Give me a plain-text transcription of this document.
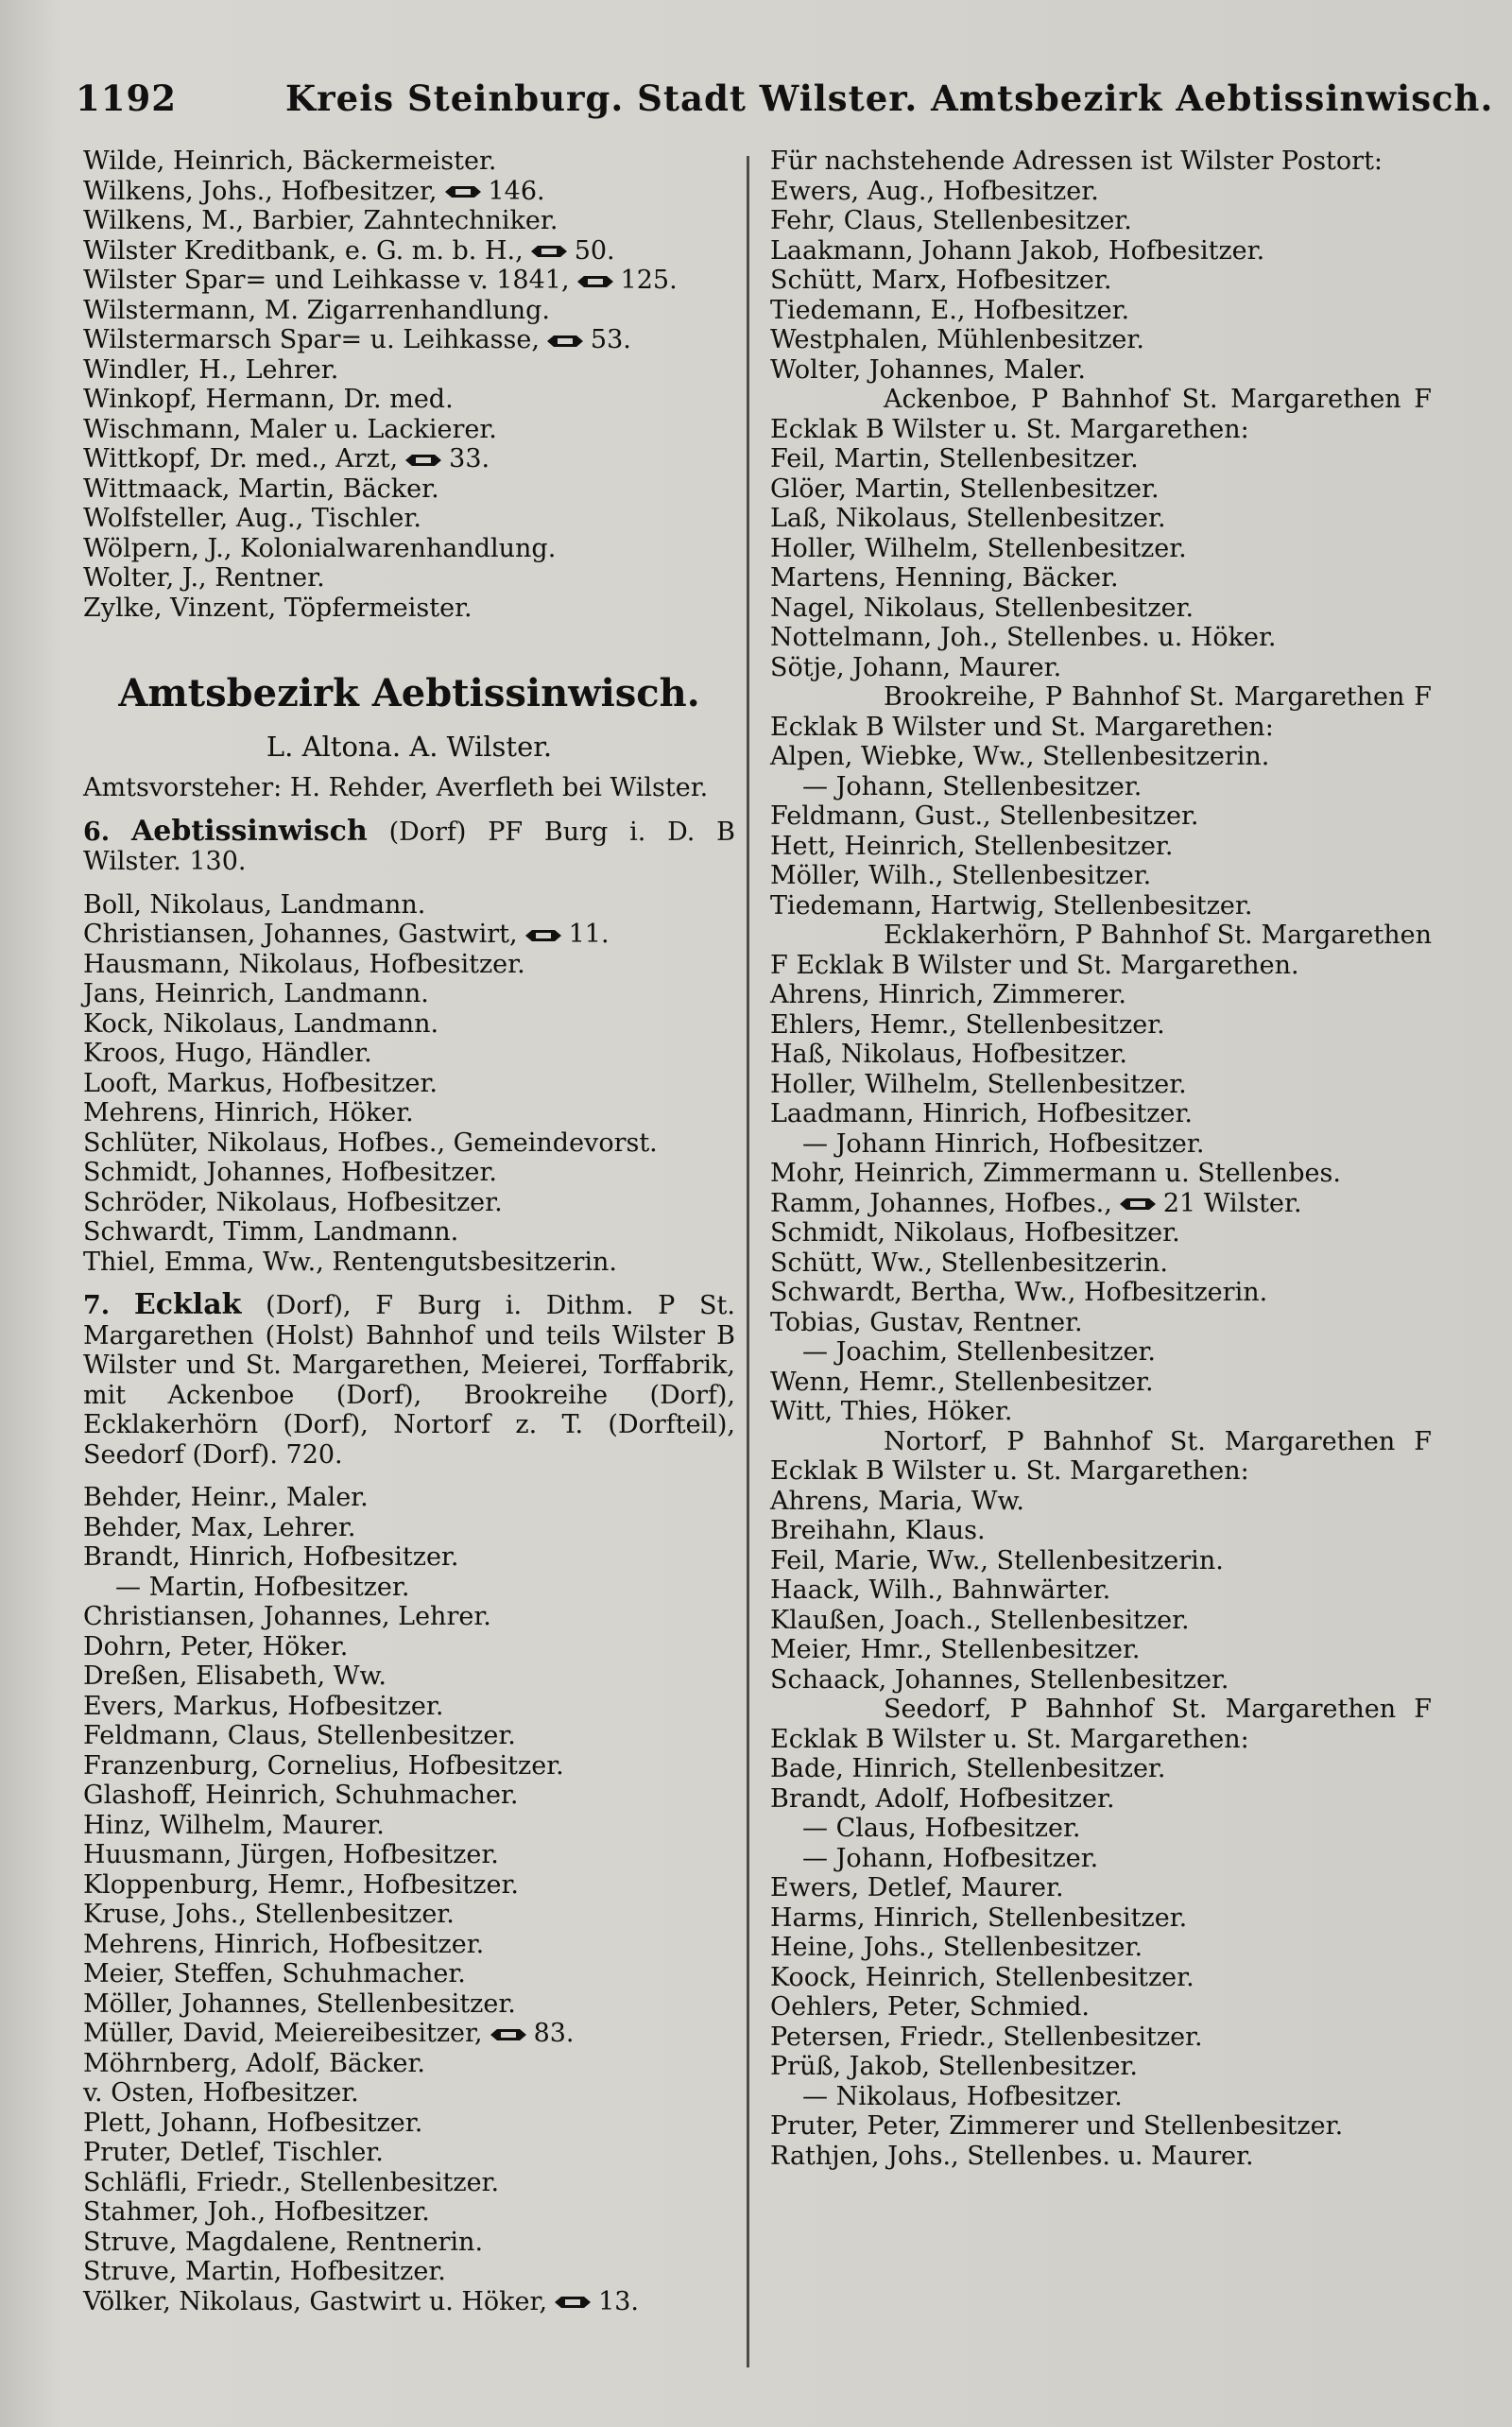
1192	Kreis Steinburg. Stadt Wilster. Amtsbezirk Aebtissinwisch.
Wilde, Heinrich, Bäckermeister.
Wilkens, Johs., Hofbesitzer, 146.
Wilkens, M., Barbier, Zahntechniker.
Wilster Kreditbank, e. G. m. b. H., 50.
Wilster Spar= und Leihkasse v. 1841, 125.
Wilstermann, M. Zigarrenhandlung.
Wilstermarsch Spar= u. Leihkasse, 53.
Windler, H., Lehrer.
Winkopf, Hermann, Dr. med.
Wischmann, Maler u. Lackierer.
Wittkopf, Dr. med., Arzt, 33.
Wittmaack, Martin, Bäcker.
Wolfsteller, Aug., Tischler.
Wölpern, J., Kolonialwarenhandlung.
Wolter, J., Rentner.
Zylke, Vinzent, Töpfermeister.
Amtsbezirk Aebtissinwisch.
L. Altona. A. Wilster.
Amtsvorsteher: H. Rehder, Averfleth bei Wilster.
6. Aebtissinwisch (Dorf) PF Burg i. D. B Wilster. 130.
Boll, Nikolaus, Landmann.
Christiansen, Johannes, Gastwirt, 11.
Hausmann, Nikolaus, Hofbesitzer.
Jans, Heinrich, Landmann.
Kock, Nikolaus, Landmann.
Kroos, Hugo, Händler.
Looft, Markus, Hofbesitzer.
Mehrens, Hinrich, Höker.
Schlüter, Nikolaus, Hofbes., Gemeindevorst.
Schmidt, Johannes, Hofbesitzer.
Schröder, Nikolaus, Hofbesitzer.
Schwardt, Timm, Landmann.
Thiel, Emma, Ww., Rentengutsbesitzerin.
7. Ecklak (Dorf), F Burg i. Dithm. P St. Margarethen (Holst) Bahnhof und teils Wilster B Wilster und St. Margarethen, Meierei, Torffabrik, mit Ackenboe (Dorf), Brookreihe (Dorf), Ecklakerhörn (Dorf), Nortorf z. T. (Dorfteil), Seedorf (Dorf). 720.
Behder, Heinr., Maler.
Behder, Max, Lehrer.
Brandt, Hinrich, Hofbesitzer.
— Martin, Hofbesitzer.
Christiansen, Johannes, Lehrer.
Dohrn, Peter, Höker.
Dreßen, Elisabeth, Ww.
Evers, Markus, Hofbesitzer.
Feldmann, Claus, Stellenbesitzer.
Franzenburg, Cornelius, Hofbesitzer.
Glashoff, Heinrich, Schuhmacher.
Hinz, Wilhelm, Maurer.
Huusmann, Jürgen, Hofbesitzer.
Kloppenburg, Hemr., Hofbesitzer.
Kruse, Johs., Stellenbesitzer.
Mehrens, Hinrich, Hofbesitzer.
Meier, Steffen, Schuhmacher.
Möller, Johannes, Stellenbesitzer.
Müller, David, Meiereibesitzer, 83.
Möhrnberg, Adolf, Bäcker.
v. Osten, Hofbesitzer.
Plett, Johann, Hofbesitzer.
Pruter, Detlef, Tischler.
Schläfli, Friedr., Stellenbesitzer.
Stahmer, Joh., Hofbesitzer.
Struve, Magdalene, Rentnerin.
Struve, Martin, Hofbesitzer.
Völker, Nikolaus, Gastwirt u. Höker, 13.
Für nachstehende Adressen ist Wilster Postort:
Ewers, Aug., Hofbesitzer.
Fehr, Claus, Stellenbesitzer.
Laakmann, Johann Jakob, Hofbesitzer.
Schütt, Marx, Hofbesitzer.
Tiedemann, E., Hofbesitzer.
Westphalen, Mühlenbesitzer.
Wolter, Johannes, Maler.
Ackenboe, P Bahnhof St. Margarethen F Ecklak B Wilster u. St. Margarethen:
Feil, Martin, Stellenbesitzer.
Glöer, Martin, Stellenbesitzer.
Laß, Nikolaus, Stellenbesitzer.
Holler, Wilhelm, Stellenbesitzer.
Martens, Henning, Bäcker.
Nagel, Nikolaus, Stellenbesitzer.
Nottelmann, Joh., Stellenbes. u. Höker.
Sötje, Johann, Maurer.
Brookreihe, P Bahnhof St. Margarethen F Ecklak B Wilster und St. Margarethen:
Alpen, Wiebke, Ww., Stellenbesitzerin.
— Johann, Stellenbesitzer.
Feldmann, Gust., Stellenbesitzer.
Hett, Heinrich, Stellenbesitzer.
Möller, Wilh., Stellenbesitzer.
Tiedemann, Hartwig, Stellenbesitzer.
Ecklakerhörn, P Bahnhof St. Margarethen F Ecklak B Wilster und St. Margarethen.
Ahrens, Hinrich, Zimmerer.
Ehlers, Hemr., Stellenbesitzer.
Haß, Nikolaus, Hofbesitzer.
Holler, Wilhelm, Stellenbesitzer.
Laadmann, Hinrich, Hofbesitzer.
— Johann Hinrich, Hofbesitzer.
Mohr, Heinrich, Zimmermann u. Stellenbes.
Ramm, Johannes, Hofbes., 21 Wilster.
Schmidt, Nikolaus, Hofbesitzer.
Schütt, Ww., Stellenbesitzerin.
Schwardt, Bertha, Ww., Hofbesitzerin.
Tobias, Gustav, Rentner.
— Joachim, Stellenbesitzer.
Wenn, Hemr., Stellenbesitzer.
Witt, Thies, Höker.
Nortorf, P Bahnhof St. Margarethen F Ecklak B Wilster u. St. Margarethen:
Ahrens, Maria, Ww.
Breihahn, Klaus.
Feil, Marie, Ww., Stellenbesitzerin.
Haack, Wilh., Bahnwärter.
Klaußen, Joach., Stellenbesitzer.
Meier, Hmr., Stellenbesitzer.
Schaack, Johannes, Stellenbesitzer.
Seedorf, P Bahnhof St. Margarethen F Ecklak B Wilster u. St. Margarethen:
Bade, Hinrich, Stellenbesitzer.
Brandt, Adolf, Hofbesitzer.
— Claus, Hofbesitzer.
— Johann, Hofbesitzer.
Ewers, Detlef, Maurer.
Harms, Hinrich, Stellenbesitzer.
Heine, Johs., Stellenbesitzer.
Koock, Heinrich, Stellenbesitzer.
Oehlers, Peter, Schmied.
Petersen, Friedr., Stellenbesitzer.
Prüß, Jakob, Stellenbesitzer.
— Nikolaus, Hofbesitzer.
Pruter, Peter, Zimmerer und Stellenbesitzer.
Rathjen, Johs., Stellenbes. u. Maurer.
